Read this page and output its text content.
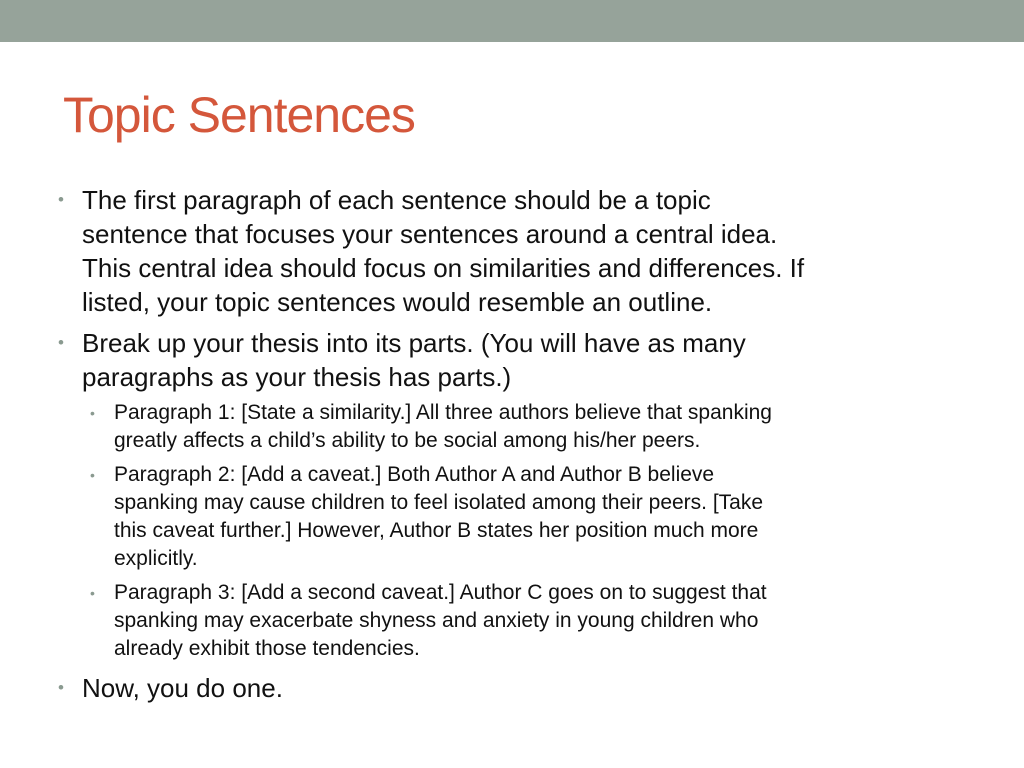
Topic Sentences
• The first paragraph of each sentence should be a topic
sentence that focuses your sentences around a central idea.
This central idea should focus on similarities and differences. If
listed, your topic sentences would resemble an outline.
• Break up your thesis into its parts. (You will have as many
paragraphs as your thesis has parts.)
• Paragraph 1: [State a similarity.] All three authors believe that spanking
greatly affects a child’s ability to be social among his/her peers.
• Paragraph 2: [Add a caveat.] Both Author A and Author B believe
spanking may cause children to feel isolated among their peers. [Take
this caveat further.] However, Author B states her position much more
explicitly.
• Paragraph 3: [Add a second caveat.] Author C goes on to suggest that
spanking may exacerbate shyness and anxiety in young children who
already exhibit those tendencies.
• Now, you do one.
